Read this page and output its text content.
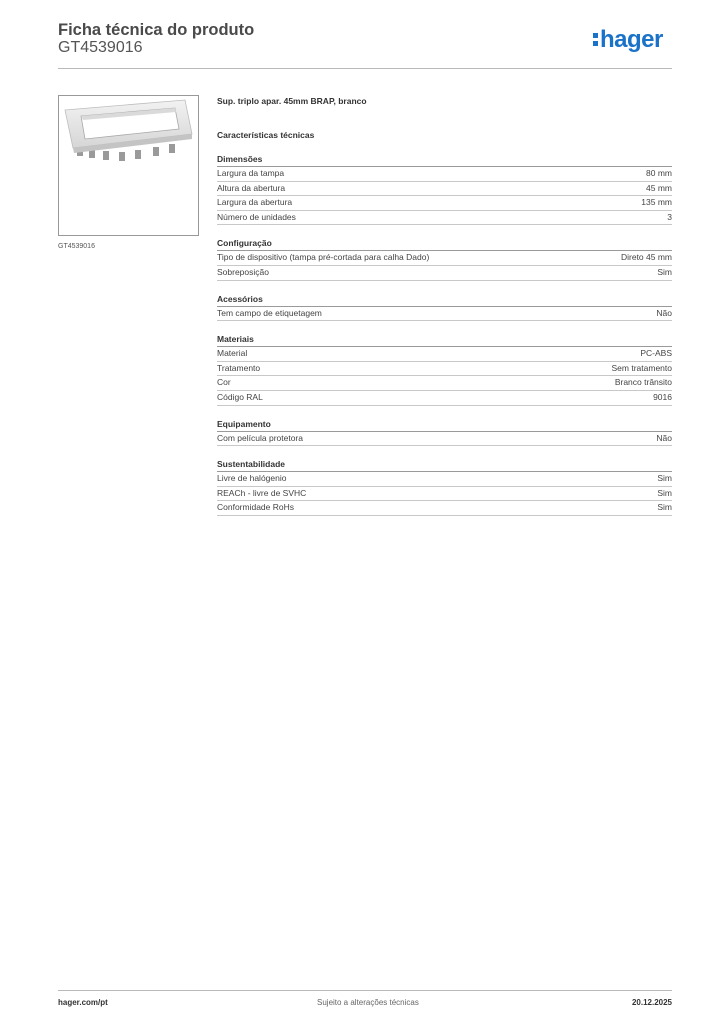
Ficha técnica do produto
GT4539016	hager
GT4539016
Sup. triplo apar. 45mm BRAP, branco
Características técnicas
Dimensões
Largura da tampa	80 mm
Altura da abertura	45 mm
Largura da abertura	135 mm
Número de unidades	3
Configuração
Tipo de dispositivo (tampa pré-cortada para calha Dado)	Direto 45 mm
Sobreposição	Sim
Acessórios
Tem campo de etiquetagem	Não
Materiais
Material	PC-ABS
Tratamento	Sem tratamento
Cor	Branco trânsito
Código RAL	9016
Equipamento
Com película protetora	Não
Sustentabilidade
Livre de halógenio	Sim
REACh - livre de SVHC	Sim
Conformidade RoHs	Sim
hager.com/pt	Sujeito a alterações técnicas	20.12.2025
